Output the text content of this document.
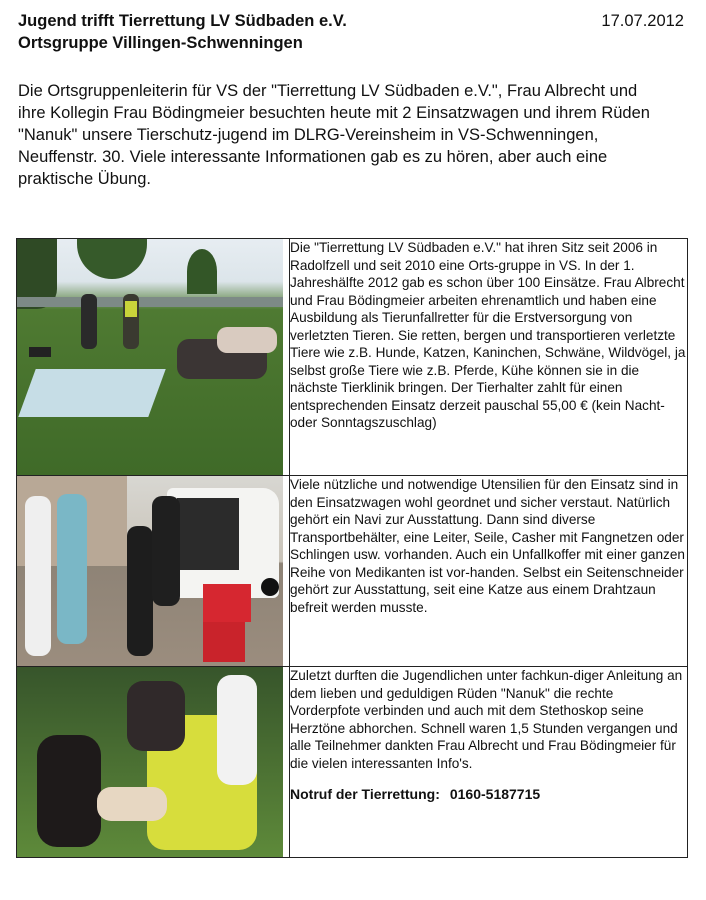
Jugend trifft Tierrettung LV Südbaden e.V.

Ortsgruppe Villingen-Schwenningen

17.07.2012

Die Ortsgruppenleiterin für VS der "Tierrettung LV Südbaden e.V.", Frau Albrecht und ihre Kollegin Frau Bödingmeier besuchten heute mit 2 Einsatzwagen und ihrem Rüden "Nanuk" unsere Tierschutz-jugend im DLRG-Vereinsheim in VS-Schwenningen, Neuffenstr. 30. Viele interessante Informationen gab es zu hören, aber auch eine praktische Übung.

	Die "Tierrettung LV Südbaden e.V." hat ihren Sitz seit 2006 in Radolfzell und seit 2010 eine Orts-gruppe in VS. In der 1. Jahreshälfte 2012 gab es schon über 100 Einsätze. Frau Albrecht und Frau Bödingmeier arbeiten ehrenamtlich und haben eine Ausbildung als Tierunfallretter für die Erstversorgung von verletzten Tieren. Sie retten, bergen und transportieren verletzte Tiere wie z.B. Hunde, Katzen, Kaninchen, Schwäne, Wildvögel, ja selbst große Tiere wie z.B. Pferde, Kühe können sie in die nächste Tierklinik bringen. Der Tierhalter zahlt für einen entsprechenden Einsatz derzeit pauschal 55,00 € (kein Nacht- oder Sonntagszuschlag)

	Viele nützliche und notwendige Utensilien für den Einsatz sind in den Einsatzwagen wohl geordnet und sicher verstaut. Natürlich gehört ein Navi zur Ausstattung. Dann sind diverse Transportbehälter, eine Leiter, Seile, Casher mit Fangnetzen oder Schlingen usw. vorhanden. Auch ein Unfallkoffer mit einer ganzen Reihe von Medikanten ist vor-handen. Selbst ein Seitenschneider gehört zur Ausstattung, seit eine Katze aus einem Drahtzaun befreit werden musste.

	Zuletzt durften die Jugendlichen unter fachkun-diger Anleitung an dem lieben und geduldigen Rüden "Nanuk" die rechte Vorderpfote verbinden und auch mit dem Stethoskop seine Herztöne abhorchen. Schnell waren 1,5 Stunden vergangen und alle Teilnehmer dankten Frau Albrecht und Frau Bödingmeier für die vielen interessanten Info's.

Notruf der Tierrettung: 0160-5187715
